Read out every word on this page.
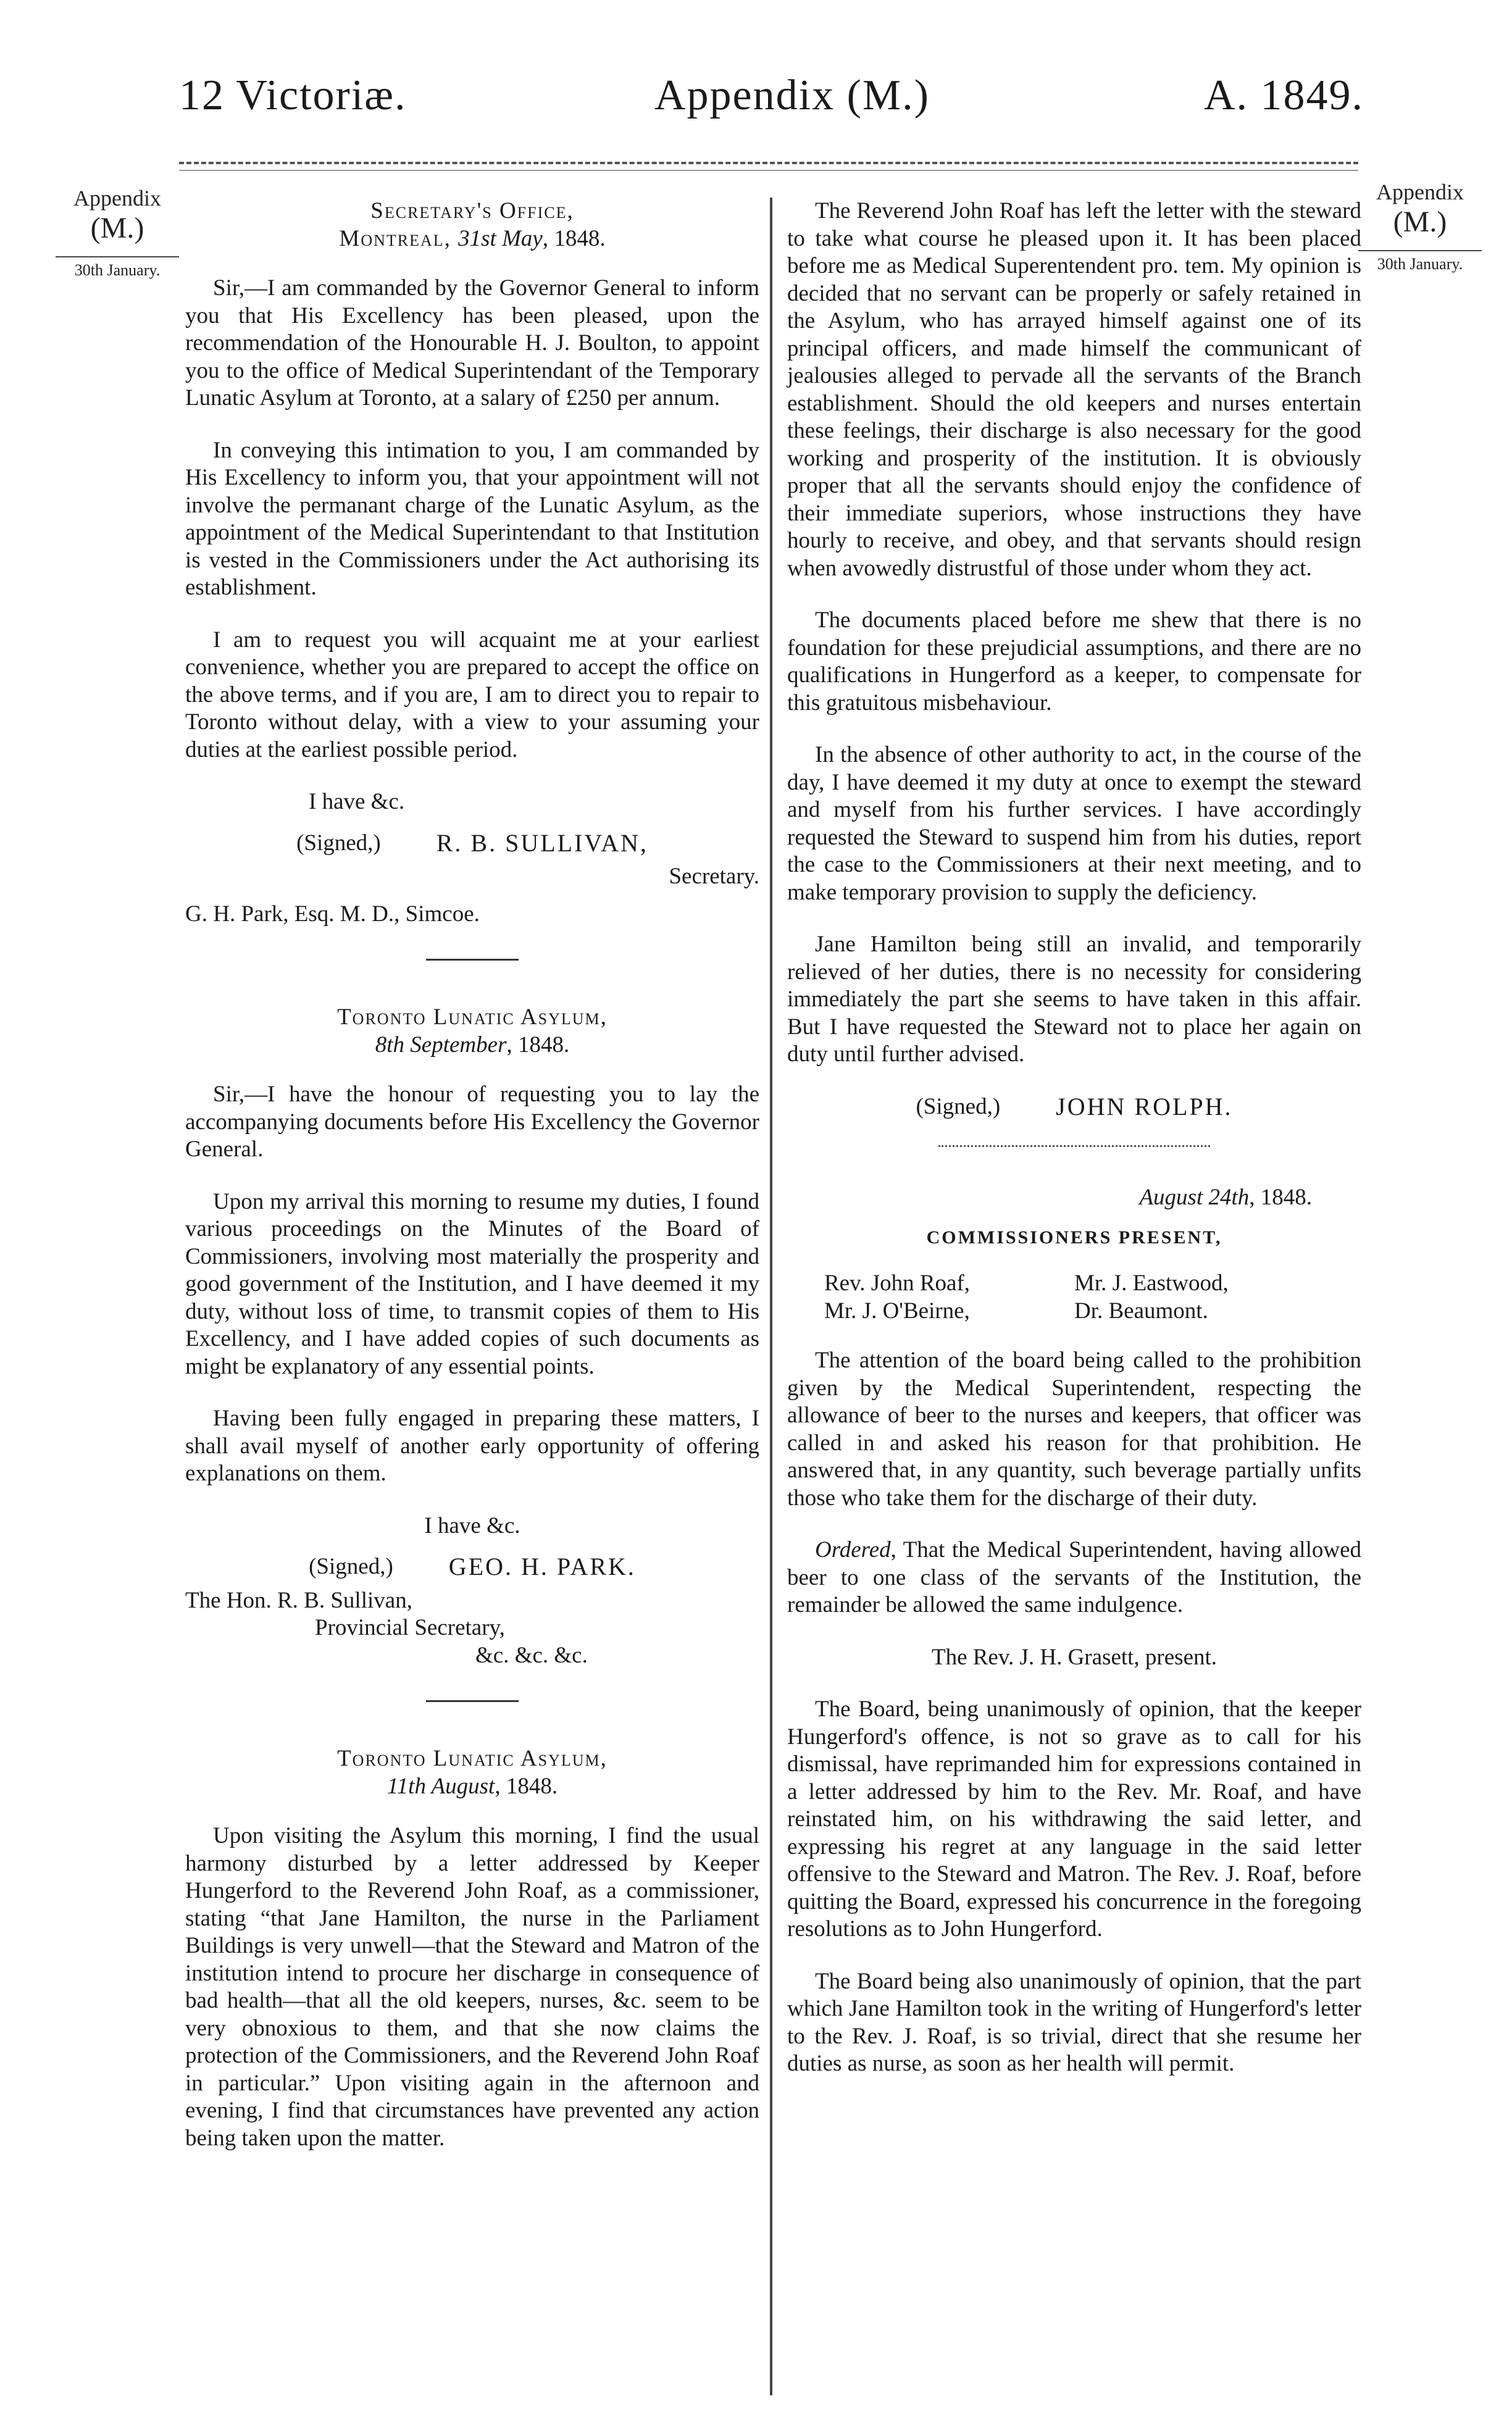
12 Victoriæ.	Appendix (M.)	A. 1849.
Appendix
(M.)
30th January.
Appendix
(M.)
30th January.
Secretary's Office,
Montreal, 31st May, 1848.

Sir,—I am commanded by the Governor General to inform you that His Excellency has been pleased, upon the recommendation of the Honourable H. J. Boulton, to appoint you to the office of Medical Superintendant of the Temporary Lunatic Asylum at Toronto, at a salary of £250 per annum.

In conveying this intimation to you, I am commanded by His Excellency to inform you, that your appointment will not involve the permanant charge of the Lunatic Asylum, as the appointment of the Medical Superintendant to that Institution is vested in the Commissioners under the Act authorising its establishment.

I am to request you will acquaint me at your earliest convenience, whether you are prepared to accept the office on the above terms, and if you are, I am to direct you to repair to Toronto without delay, with a view to your assuming your duties at the earliest possible period.

I have &c.
(Signed,) R. B. SULLIVAN,
Secretary.
G. H. Park, Esq. M. D., Simcoe.
Toronto Lunatic Asylum,
8th September, 1848.

Sir,—I have the honour of requesting you to lay the accompanying documents before His Excellency the Governor General.

Upon my arrival this morning to resume my duties, I found various proceedings on the Minutes of the Board of Commissioners, involving most materially the prosperity and good government of the Institution, and I have deemed it my duty, without loss of time, to transmit copies of them to His Excellency, and I have added copies of such documents as might be explanatory of any essential points.

Having been fully engaged in preparing these matters, I shall avail myself of another early opportunity of offering explanations on them.

I have &c.
(Signed,) GEO. H. PARK.
The Hon. R. B. Sullivan,
Provincial Secretary,
&c. &c. &c.
Toronto Lunatic Asylum,
11th August, 1848.

Upon visiting the Asylum this morning, I find the usual harmony disturbed by a letter addressed by Keeper Hungerford to the Reverend John Roaf, as a commissioner, stating “that Jane Hamilton, the nurse in the Parliament Buildings is very unwell—that the Steward and Matron of the institution intend to procure her discharge in consequence of bad health—that all the old keepers, nurses, &c. seem to be very obnoxious to them, and that she now claims the protection of the Commissioners, and the Reverend John Roaf in particular.” Upon visiting again in the afternoon and evening, I find that circumstances have prevented any action being taken upon the matter.

The Reverend John Roaf has left the letter with the steward to take what course he pleased upon it. It has been placed before me as Medical Superentendent pro. tem. My opinion is decided that no servant can be properly or safely retained in the Asylum, who has arrayed himself against one of its principal officers, and made himself the communicant of jealousies alleged to pervade all the servants of the Branch establishment. Should the old keepers and nurses entertain these feelings, their discharge is also necessary for the good working and prosperity of the institution. It is obviously proper that all the servants should enjoy the confidence of their immediate superiors, whose instructions they have hourly to receive, and obey, and that servants should resign when avowedly distrustful of those under whom they act.

The documents placed before me shew that there is no foundation for these prejudicial assumptions, and there are no qualifications in Hungerford as a keeper, to compensate for this gratuitous misbehaviour.

In the absence of other authority to act, in the course of the day, I have deemed it my duty at once to exempt the steward and myself from his further services. I have accordingly requested the Steward to suspend him from his duties, report the case to the Commissioners at their next meeting, and to make temporary provision to supply the deficiency.

Jane Hamilton being still an invalid, and temporarily relieved of her duties, there is no necessity for considering immediately the part she seems to have taken in this affair. But I have requested the Steward not to place her again on duty until further advised.

(Signed,) JOHN ROLPH.
August 24th, 1848.
COMMISSIONERS PRESENT,
Rev. John Roaf,	Mr. J. Eastwood,
Mr. J. O'Beirne,	Dr. Beaumont.

The attention of the board being called to the prohibition given by the Medical Superintendent, respecting the allowance of beer to the nurses and keepers, that officer was called in and asked his reason for that prohibition. He answered that, in any quantity, such beverage partially unfits those who take them for the discharge of their duty.

Ordered, That the Medical Superintendent, having allowed beer to one class of the servants of the Institution, the remainder be allowed the same indulgence.

The Rev. J. H. Grasett, present.

The Board, being unanimously of opinion, that the keeper Hungerford's offence, is not so grave as to call for his dismissal, have reprimanded him for expressions contained in a letter addressed by him to the Rev. Mr. Roaf, and have reinstated him, on his withdrawing the said letter, and expressing his regret at any language in the said letter offensive to the Steward and Matron. The Rev. J. Roaf, before quitting the Board, expressed his concurrence in the foregoing resolutions as to John Hungerford.

The Board being also unanimously of opinion, that the part which Jane Hamilton took in the writing of Hungerford's letter to the Rev. J. Roaf, is so trivial, direct that she resume her duties as nurse, as soon as her health will permit.
